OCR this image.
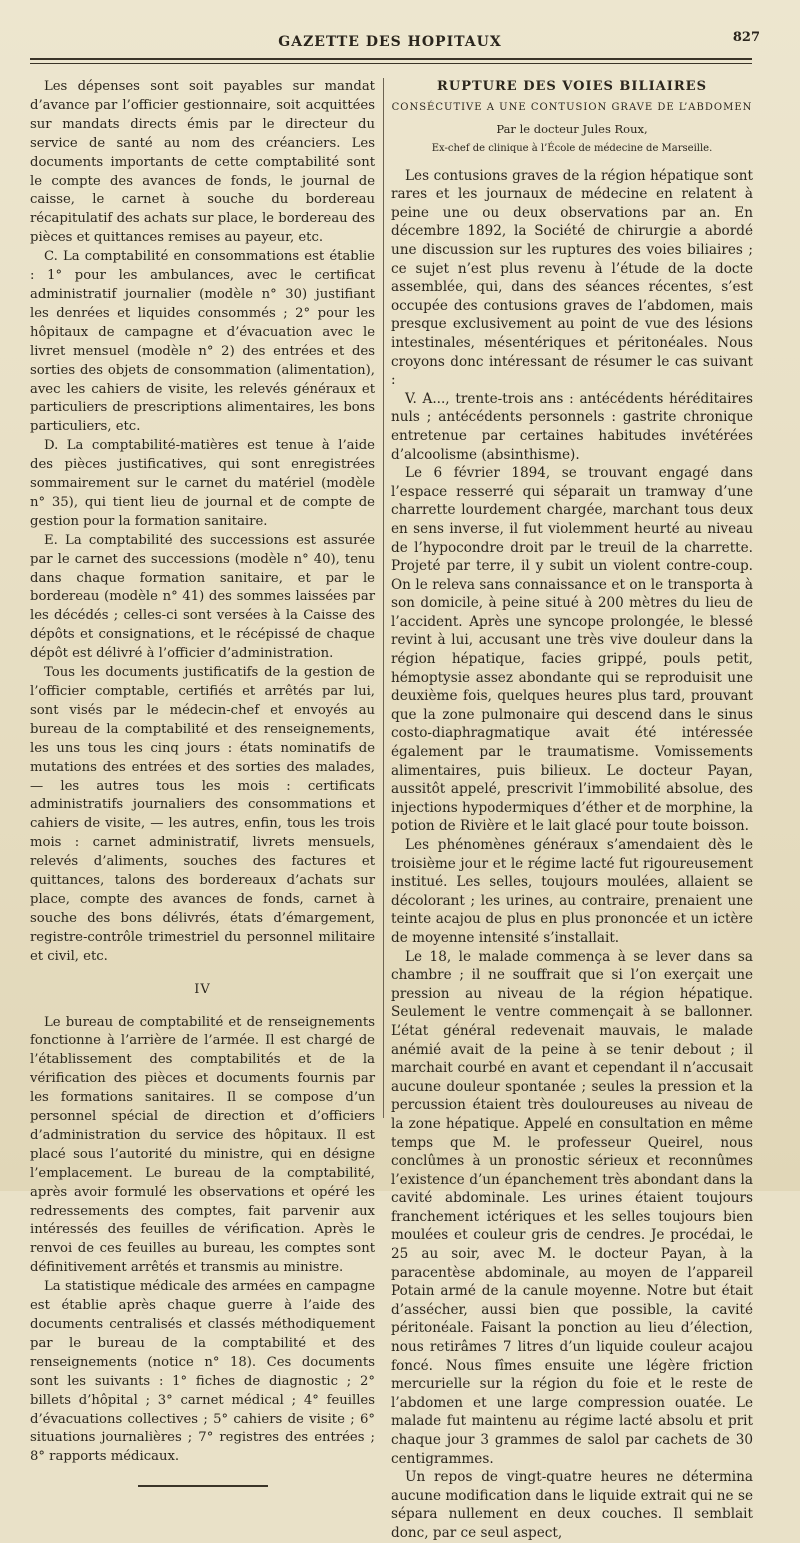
GAZETTE DES HOPITAUX	827

Les dépenses sont soit payables sur mandat d’avance par l’officier gestionnaire, soit acquittées sur mandats directs émis par le directeur du service de santé au nom des créanciers. Les documents importants de cette comptabilité sont le compte des avances de fonds, le journal de caisse, le carnet à souche du bordereau récapitulatif des achats sur place, le bordereau des pièces et quittances remises au payeur, etc.

C. La comptabilité en consommations est établie : 1° pour les ambulances, avec le certificat administratif journalier (modèle n° 30) justifiant les denrées et liquides consommés ; 2° pour les hôpitaux de campagne et d’évacuation avec le livret mensuel (modèle n° 2) des entrées et des sorties des objets de consommation (alimentation), avec les cahiers de visite, les relevés généraux et particuliers de prescriptions alimentaires, les bons particuliers, etc.

D. La comptabilité-matières est tenue à l’aide des pièces justificatives, qui sont enregistrées sommairement sur le carnet du matériel (modèle n° 35), qui tient lieu de journal et de compte de gestion pour la formation sanitaire.

E. La comptabilité des successions est assurée par le carnet des successions (modèle n° 40), tenu dans chaque formation sanitaire, et par le bordereau (modèle n° 41) des sommes laissées par les décédés ; celles-ci sont versées à la Caisse des dépôts et consignations, et le récépissé de chaque dépôt est délivré à l’officier d’administration.

Tous les documents justificatifs de la gestion de l’officier comptable, certifiés et arrêtés par lui, sont visés par le médecin-chef et envoyés au bureau de la comptabilité et des renseignements, les uns tous les cinq jours : états nominatifs de mutations des entrées et des sorties des malades, — les autres tous les mois : certificats administratifs journaliers des consommations et cahiers de visite, — les autres, enfin, tous les trois mois : carnet administratif, livrets mensuels, relevés d’aliments, souches des factures et quittances, talons des bordereaux d’achats sur place, compte des avances de fonds, carnet à souche des bons délivrés, états d’émargement, registre-contrôle trimestriel du personnel militaire et civil, etc.

IV

Le bureau de comptabilité et de renseignements fonctionne à l’arrière de l’armée. Il est chargé de l’établissement des comptabilités et de la vérification des pièces et documents fournis par les formations sanitaires. Il se compose d’un personnel spécial de direction et d’officiers d’administration du service des hôpitaux. Il est placé sous l’autorité du ministre, qui en désigne l’emplacement. Le bureau de la comptabilité, après avoir formulé les observations et opéré les redressements des comptes, fait parvenir aux intéressés des feuilles de vérification. Après le renvoi de ces feuilles au bureau, les comptes sont définitivement arrêtés et transmis au ministre.

La statistique médicale des armées en campagne est établie après chaque guerre à l’aide des documents centralisés et classés méthodiquement par le bureau de la comptabilité et des renseignements (notice n° 18). Ces documents sont les suivants : 1° fiches de diagnostic ; 2° billets d’hôpital ; 3° carnet médical ; 4° feuilles d’évacuations collectives ; 5° cahiers de visite ; 6° situations journalières ; 7° registres des entrées ; 8° rapports médicaux.

RUPTURE DES VOIES BILIAIRES
CONSÉCUTIVE A UNE CONTUSION GRAVE DE L’ABDOMEN
Par le docteur Jules Roux,
Ex-chef de clinique à l’École de médecine de Marseille.

Les contusions graves de la région hépatique sont rares et les journaux de médecine en relatent à peine une ou deux observations par an. En décembre 1892, la Société de chirurgie a abordé une discussion sur les ruptures des voies biliaires ; ce sujet n’est plus revenu à l’étude de la docte assemblée, qui, dans des séances récentes, s’est occupée des contusions graves de l’abdomen, mais presque exclusivement au point de vue des lésions intestinales, mésentériques et péritonéales. Nous croyons donc intéressant de résumer le cas suivant :

V. A..., trente-trois ans : antécédents héréditaires nuls ; antécédents personnels : gastrite chronique entretenue par certaines habitudes invétérées d’alcoolisme (absinthisme).

Le 6 février 1894, se trouvant engagé dans l’espace resserré qui séparait un tramway d’une charrette lourdement chargée, marchant tous deux en sens inverse, il fut violemment heurté au niveau de l’hypocondre droit par le treuil de la charrette. Projeté par terre, il y subit un violent contre-coup. On le releva sans connaissance et on le transporta à son domicile, à peine situé à 200 mètres du lieu de l’accident. Après une syncope prolongée, le blessé revint à lui, accusant une très vive douleur dans la région hépatique, facies grippé, pouls petit, hémoptysie assez abondante qui se reproduisit une deuxième fois, quelques heures plus tard, prouvant que la zone pulmonaire qui descend dans le sinus costo-diaphragmatique avait été intéressée également par le traumatisme. Vomissements alimentaires, puis bilieux. Le docteur Payan, aussitôt appelé, prescrivit l’immobilité absolue, des injections hypodermiques d’éther et de morphine, la potion de Rivière et le lait glacé pour toute boisson.

Les phénomènes généraux s’amendaient dès le troisième jour et le régime lacté fut rigoureusement institué. Les selles, toujours moulées, allaient se décolorant ; les urines, au contraire, prenaient une teinte acajou de plus en plus prononcée et un ictère de moyenne intensité s’installait.

Le 18, le malade commença à se lever dans sa chambre ; il ne souffrait que si l’on exerçait une pression au niveau de la région hépatique. Seulement le ventre commençait à se ballonner. L’état général redevenait mauvais, le malade anémié avait de la peine à se tenir debout ; il marchait courbé en avant et cependant il n’accusait aucune douleur spontanée ; seules la pression et la percussion étaient très douloureuses au niveau de la zone hépatique. Appelé en consultation en même temps que M. le professeur Queirel, nous conclûmes à un pronostic sérieux et reconnûmes l’existence d’un épanchement très abondant dans la cavité abdominale. Les urines étaient toujours franchement ictériques et les selles toujours bien moulées et couleur gris de cendres. Je procédai, le 25 au soir, avec M. le docteur Payan, à la paracentèse abdominale, au moyen de l’appareil Potain armé de la canule moyenne. Notre but était d’assécher, aussi bien que possible, la cavité péritonéale. Faisant la ponction au lieu d’élection, nous retirâmes 7 litres d’un liquide couleur acajou foncé. Nous fîmes ensuite une légère friction mercurielle sur la région du foie et le reste de l’abdomen et une large compression ouatée. Le malade fut maintenu au régime lacté absolu et prit chaque jour 3 grammes de salol par cachets de 30 centigrammes.

Un repos de vingt-quatre heures ne détermina aucune modification dans le liquide extrait qui ne se sépara nullement en deux couches. Il semblait donc, par ce seul aspect,
